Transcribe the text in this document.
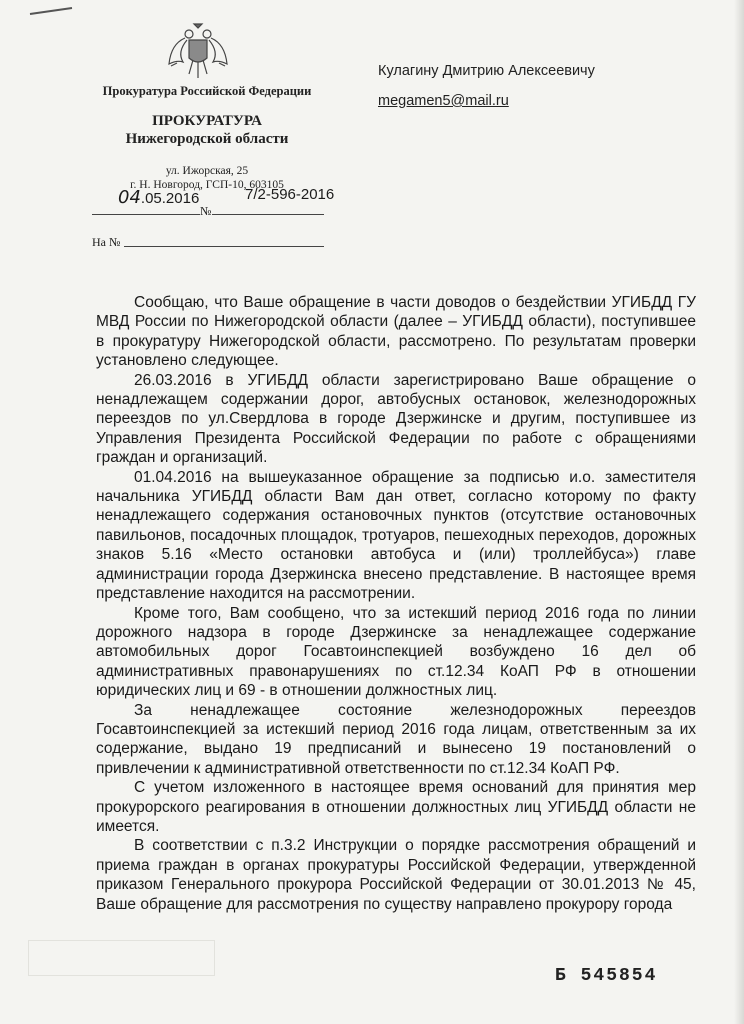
Прокуратура Российской Федерации
ПРОКУРАТУРА
Нижегородской области
ул. Ижорская, 25
г. Н. Новгород, ГСП-10, 603105
04.05.2016	7/2-596-2016
№
На №
Кулагину Дмитрию Алексеевичу
megamen5@mail.ru

Сообщаю, что Ваше обращение в части доводов о бездействии УГИБДД ГУ МВД России по Нижегородской области (далее – УГИБДД области), поступившее в прокуратуру Нижегородской области, рассмотрено. По результатам проверки установлено следующее.

26.03.2016 в УГИБДД области зарегистрировано Ваше обращение о ненадлежащем содержании дорог, автобусных остановок, железнодорожных переездов по ул.Свердлова в городе Дзержинске и другим, поступившее из Управления Президента Российской Федерации по работе с обращениями граждан и организаций.

01.04.2016 на вышеуказанное обращение за подписью и.о. заместителя начальника УГИБДД области Вам дан ответ, согласно которому по факту ненадлежащего содержания остановочных пунктов (отсутствие остановочных павильонов, посадочных площадок, тротуаров, пешеходных переходов, дорожных знаков 5.16 «Место остановки автобуса и (или) троллейбуса») главе администрации города Дзержинска внесено представление. В настоящее время представление находится на рассмотрении.

Кроме того, Вам сообщено, что за истекший период 2016 года по линии дорожного надзора в городе Дзержинске за ненадлежащее содержание автомобильных дорог Госавтоинспекцией возбуждено 16 дел об административных правонарушениях по ст.12.34 КоАП РФ в отношении юридических лиц и 69 - в отношении должностных лиц.

За ненадлежащее состояние железнодорожных переездов Госавтоинспекцией за истекший период 2016 года лицам, ответственным за их содержание, выдано 19 предписаний и вынесено 19 постановлений о привлечении к административной ответственности по ст.12.34 КоАП РФ.

С учетом изложенного в настоящее время оснований для принятия мер прокурорского реагирования в отношении должностных лиц УГИБДД области не имеется.

В соответствии с п.3.2 Инструкции о порядке рассмотрения обращений и приема граждан в органах прокуратуры Российской Федерации, утвержденной приказом Генерального прокурора Российской Федерации от 30.01.2013 № 45, Ваше обращение для рассмотрения по существу направлено прокурору города

Б 545854
